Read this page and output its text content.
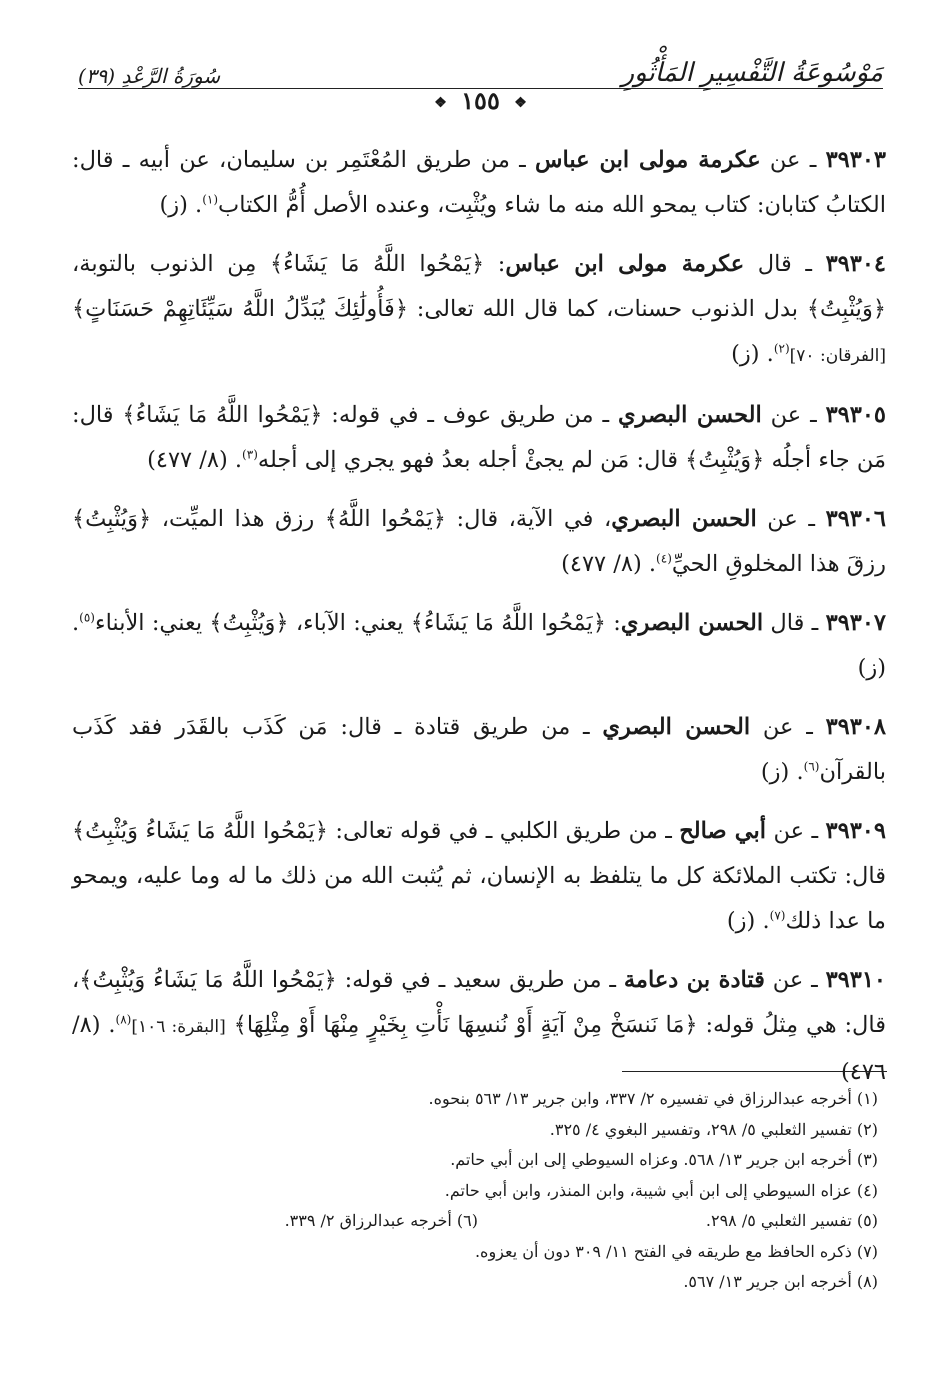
مَوْسُوعَةُ التَّفْسِيرِ المَأْثُورِ
سُورَةُ الرَّعْدِ (٣٩)
❖ ١٥٥ ❖

٣٩٣٠٣ ـ عن عكرمة مولى ابن عباس ـ من طريق المُعْتَمِر بن سليمان، عن أبيه ـ قال: الكتابُ كتابان: كتاب يمحو الله منه ما شاء ويُثْبِت، وعنده الأصل أُمُّ الكتاب$^{(١)}$. (ز)

٣٩٣٠٤ ـ قال عكرمة مولى ابن عباس: ﴿يَمْحُوا اللَّهُ مَا يَشَاءُ﴾ مِن الذنوب بالتوبة، ﴿وَيُثْبِتُ﴾ بدل الذنوب حسنات، كما قال الله تعالى: ﴿فَأُولَٰئِكَ يُبَدِّلُ اللَّهُ سَيِّئَاتِهِمْ حَسَنَاتٍ﴾ [الفرقان: ٧٠]$^{(٢)}$. (ز)

٣٩٣٠٥ ـ عن الحسن البصري ـ من طريق عوف ـ في قوله: ﴿يَمْحُوا اللَّهُ مَا يَشَاءُ﴾ قال: مَن جاء أجلُه ﴿وَيُثْبِتُ﴾ قال: مَن لم يجئْ أجله بعدُ فهو يجري إلى أجله$^{(٣)}$. (٨/ ٤٧٧)

٣٩٣٠٦ ـ عن الحسن البصري، في الآية، قال: ﴿يَمْحُوا اللَّهُ﴾ رزق هذا الميِّت، ﴿وَيُثْبِتُ﴾ رزقَ هذا المخلوقِ الحيِّ$^{(٤)}$. (٨/ ٤٧٧)

٣٩٣٠٧ ـ قال الحسن البصري: ﴿يَمْحُوا اللَّهُ مَا يَشَاءُ﴾ يعني: الآباء، ﴿وَيُثْبِتُ﴾ يعني: الأبناء$^{(٥)}$. (ز)

٣٩٣٠٨ ـ عن الحسن البصري ـ من طريق قتادة ـ قال: مَن كَذَب بالقَدَر فقد كَذَب بالقرآن$^{(٦)}$. (ز)

٣٩٣٠٩ ـ عن أبي صالح ـ من طريق الكلبي ـ في قوله تعالى: ﴿يَمْحُوا اللَّهُ مَا يَشَاءُ وَيُثْبِتُ﴾ قال: تكتب الملائكة كل ما يتلفظ به الإنسان، ثم يُثبت الله من ذلك ما له وما عليه، ويمحو ما عدا ذلك$^{(٧)}$. (ز)

٣٩٣١٠ ـ عن قتادة بن دعامة ـ من طريق سعيد ـ في قوله: ﴿يَمْحُوا اللَّهُ مَا يَشَاءُ وَيُثْبِتُ﴾، قال: هي مِثلُ قوله: ﴿مَا نَنسَخْ مِنْ آيَةٍ أَوْ نُنسِهَا نَأْتِ بِخَيْرٍ مِنْهَا أَوْ مِثْلِهَا﴾ [البقرة: ١٠٦]$^{(٨)}$. (٨/ ٤٧٦)

(١) أخرجه عبدالرزاق في تفسيره ٢/ ٣٣٧، وابن جرير ١٣/ ٥٦٣ بنحوه.
(٢) تفسير الثعلبي ٥/ ٢٩٨، وتفسير البغوي ٤/ ٣٢٥.
(٣) أخرجه ابن جرير ١٣/ ٥٦٨. وعزاه السيوطي إلى ابن أبي حاتم.
(٤) عزاه السيوطي إلى ابن أبي شيبة، وابن المنذر، وابن أبي حاتم.
(٥) تفسير الثعلبي ٥/ ٢٩٨.
(٦) أخرجه عبدالرزاق ٢/ ٣٣٩.
(٧) ذكره الحافظ مع طريقه في الفتح ١١/ ٣٠٩ دون أن يعزوه.
(٨) أخرجه ابن جرير ١٣/ ٥٦٧.
